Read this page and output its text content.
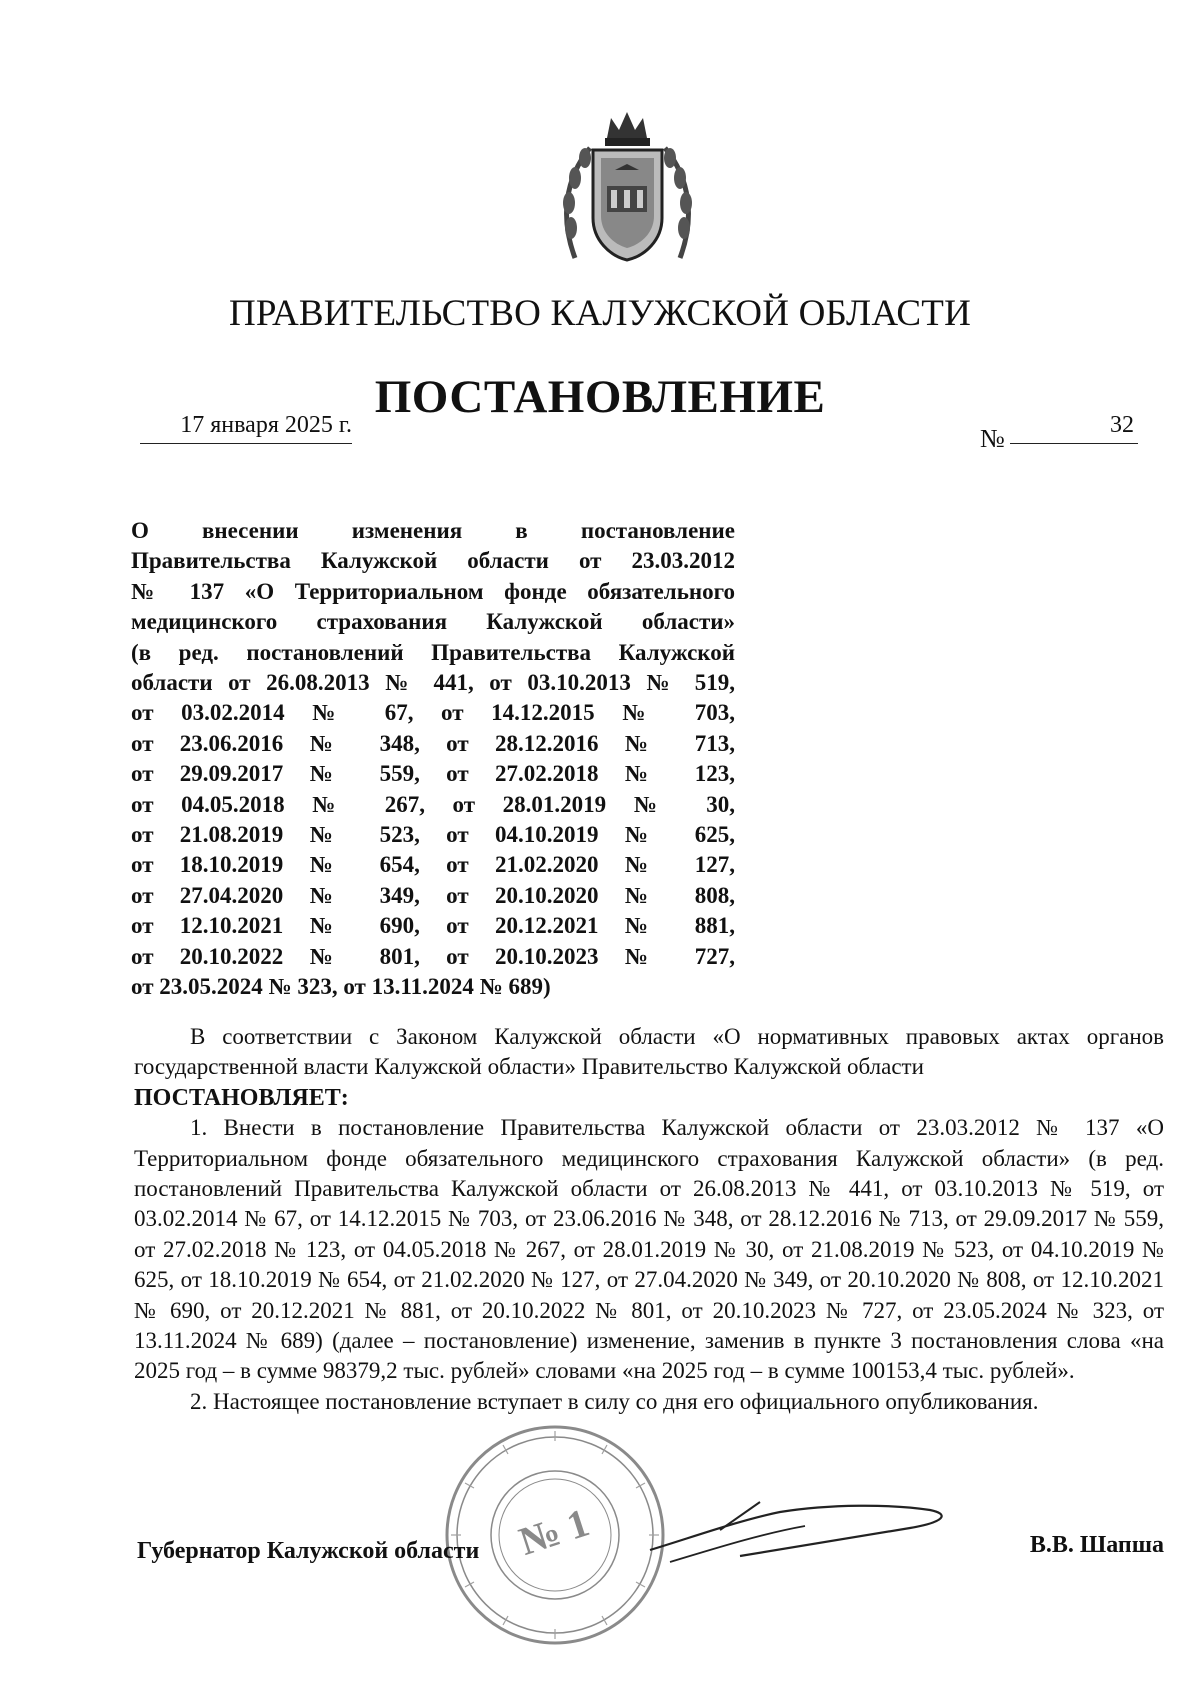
ПРАВИТЕЛЬСТВО КАЛУЖСКОЙ ОБЛАСТИ
ПОСТАНОВЛЕНИЕ
17 января 2025 г.	№	32
О внесении изменения в постановление
Правительства Калужской области от 23.03.2012
№ 137 «О Территориальном фонде обязательного
медицинского страхования Калужской области»
(в ред. постановлений Правительства Калужской
области от 26.08.2013 № 441, от 03.10.2013 № 519,
от 03.02.2014 № 67, от 14.12.2015 № 703,
от 23.06.2016 № 348, от 28.12.2016 № 713,
от 29.09.2017 № 559, от 27.02.2018 № 123,
от 04.05.2018 № 267, от 28.01.2019 № 30,
от 21.08.2019 № 523, от 04.10.2019 № 625,
от 18.10.2019 № 654, от 21.02.2020 № 127,
от 27.04.2020 № 349, от 20.10.2020 № 808,
от 12.10.2021 № 690, от 20.12.2021 № 881,
от 20.10.2022 № 801, от 20.10.2023 № 727,
от 23.05.2024 № 323, от 13.11.2024 № 689)

В соответствии с Законом Калужской области «О нормативных правовых актах органов государственной власти Калужской области» Правительство Калужской области

ПОСТАНОВЛЯЕТ:

1. Внести в постановление Правительства Калужской области от 23.03.2012 № 137 «О Территориальном фонде обязательного медицинского страхования Калужской области» (в ред. постановлений Правительства Калужской области от 26.08.2013 № 441, от 03.10.2013 № 519, от 03.02.2014 № 67, от 14.12.2015 № 703, от 23.06.2016 № 348, от 28.12.2016 № 713, от 29.09.2017 № 559, от 27.02.2018 № 123, от 04.05.2018 № 267, от 28.01.2019 № 30, от 21.08.2019 № 523, от 04.10.2019 № 625, от 18.10.2019 № 654, от 21.02.2020 № 127, от 27.04.2020 № 349, от 20.10.2020 № 808, от 12.10.2021 № 690, от 20.12.2021 № 881, от 20.10.2022 № 801, от 20.10.2023 № 727, от 23.05.2024 № 323, от 13.11.2024 № 689) (далее – постановление) изменение, заменив в пункте 3 постановления слова «на 2025 год – в сумме 98379,2 тыс. рублей» словами «на 2025 год – в сумме 100153,4 тыс. рублей».

2. Настоящее постановление вступает в силу со дня его официального опубликования.

№ 1
Губернатор Калужской области	В.В. Шапша
